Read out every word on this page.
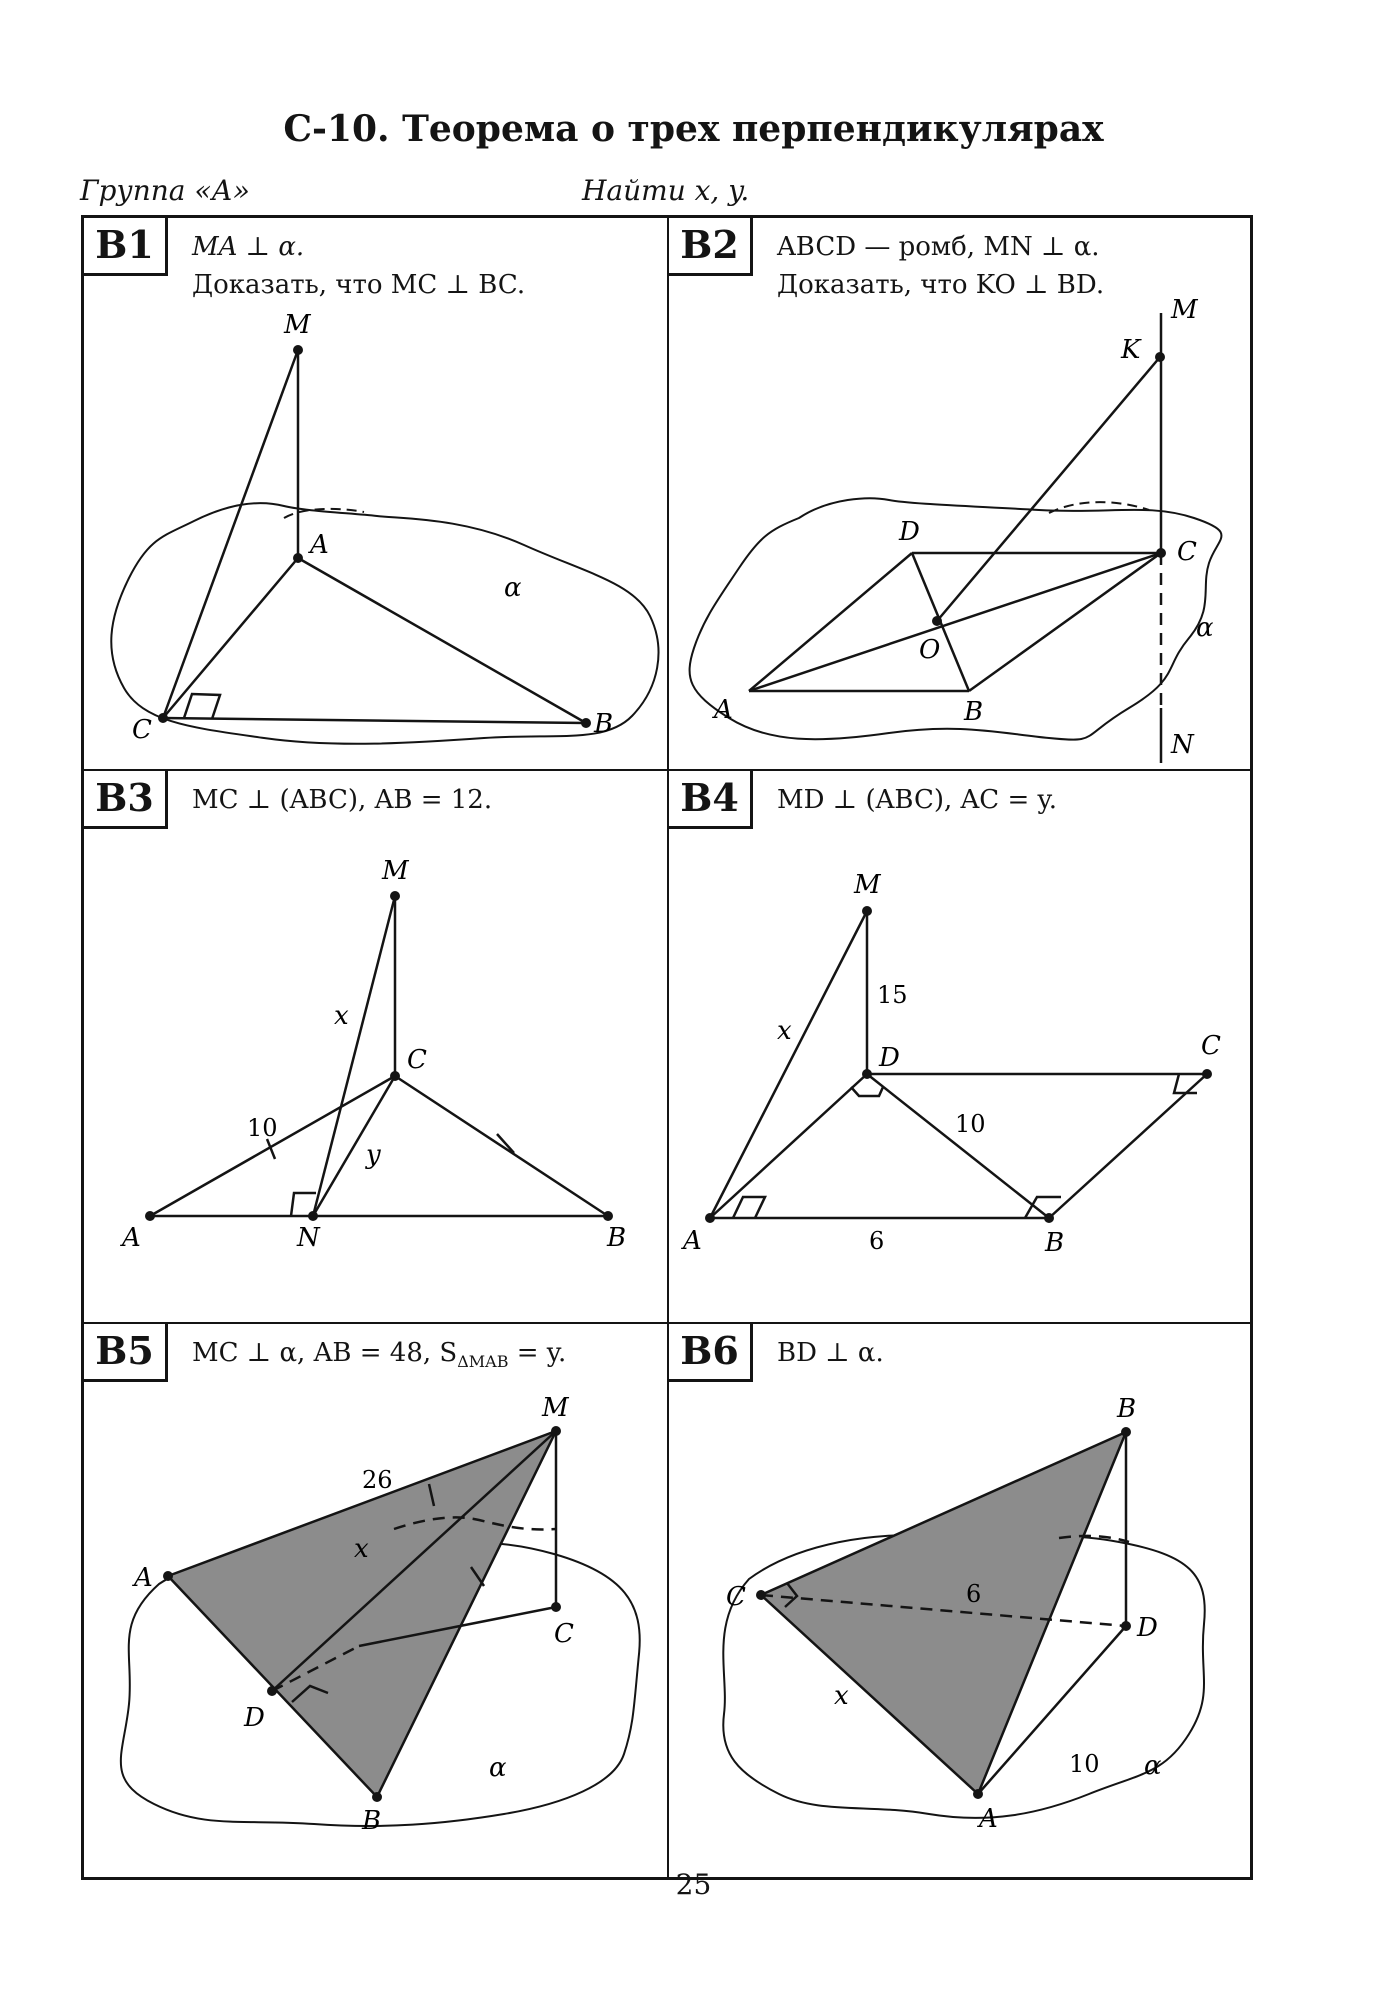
С-10. Теорема о трех перпендикулярах
Группа «А»	Найти x, y.
M
A
C	B
α
B1	MA ⊥ α.
Доказать, что MC ⊥ BC.
M
K
D
C
O
A	B
N
α
B2	ABCD — ромб, MN ⊥ α.
Доказать, что KO ⊥ BD.
M
C
A	N	B
x
y
10
B3	MC ⊥ (ABC), AB = 12.
M
D	C
A	B
x
15
10
6
B4	MD ⊥ (ABC), AC = y.
M
C
A
D
B
α
x
26
B5	MC ⊥ α, AB = 48, $S_{\Delta MAB} = y$.
B
D
C
A
α
x
6
10
B6	BD ⊥ α.
25
